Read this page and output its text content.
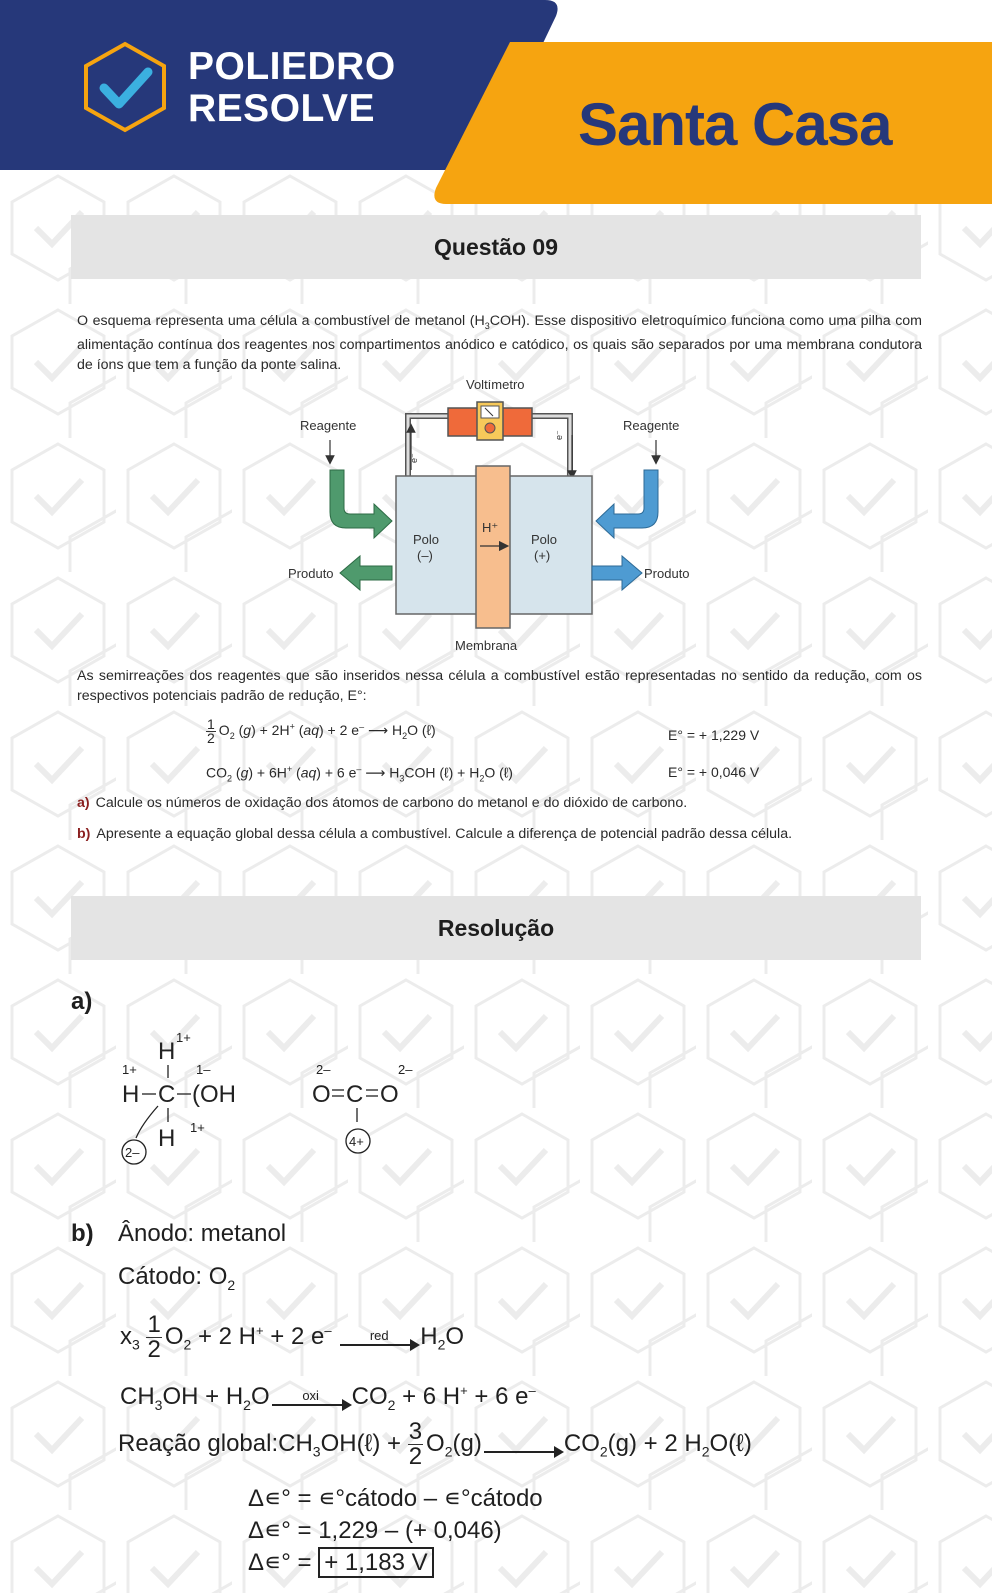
POLIEDRO
RESOLVE	Santa Casa
Questão 09
O esquema representa uma célula a combustível de metanol $(H_3COH)$. Esse dispositivo eletroquímico funciona como uma pilha com alimentação contínua dos reagentes nos compartimentos anódico e catódico, os quais são separados por uma membrana condutora de íons que tem a função da ponte salina.
e⁻
e⁻
Voltímetro
Reagente	Reagente
Produto	Produto
Polo
(–)
Polo
(+)
Membrana
H⁺
As semirreações dos reagentes que são inseridos nessa célula a combustível estão representadas no sentido da redução, com os respectivos potenciais padrão de redução, E°:
$\frac{1}{2} O_2$ (g) + 2H+ (aq) + 2 e– ⟶ $H_2O$ (ℓ)	E° = + 1,229 V
$CO_2$ (g) + 6H+ (aq) + 6 e– ⟶ $H_3COH$ (ℓ) + $H_2O$ (ℓ)	E° = + 0,046 V
a) Calcule os números de oxidação dos átomos de carbono do metanol e do dióxido de carbono.
b) Apresente a equação global dessa célula a combustível. Calcule a diferença de potencial padrão dessa célula.
Resolução
a)
H
1+
H
1+
C (OH
1–
H 1+
2–
O
2–
C O
2–
4+
b) Ânodo: metanol
Cátodo: $O_2$
$x_3 \frac{1}{2} O_2 + 2$ H+ + 2 e–	red	$H_2O$
$CH_3OH + H_2O$	oxi	$CO_2 + 6$ H+ + 6 e–
Reação $global:CH_3OH(\ell) + \frac{3}{2} O_2(g)$
	$CO_2(g) + 2$ $H_2O(\ell)$
Δ∊° = ∊°cátodo – ∊°cátodo
Δ∊° = 1,229 – (+ 0,046)
Δ∊° = + 1,183 V
